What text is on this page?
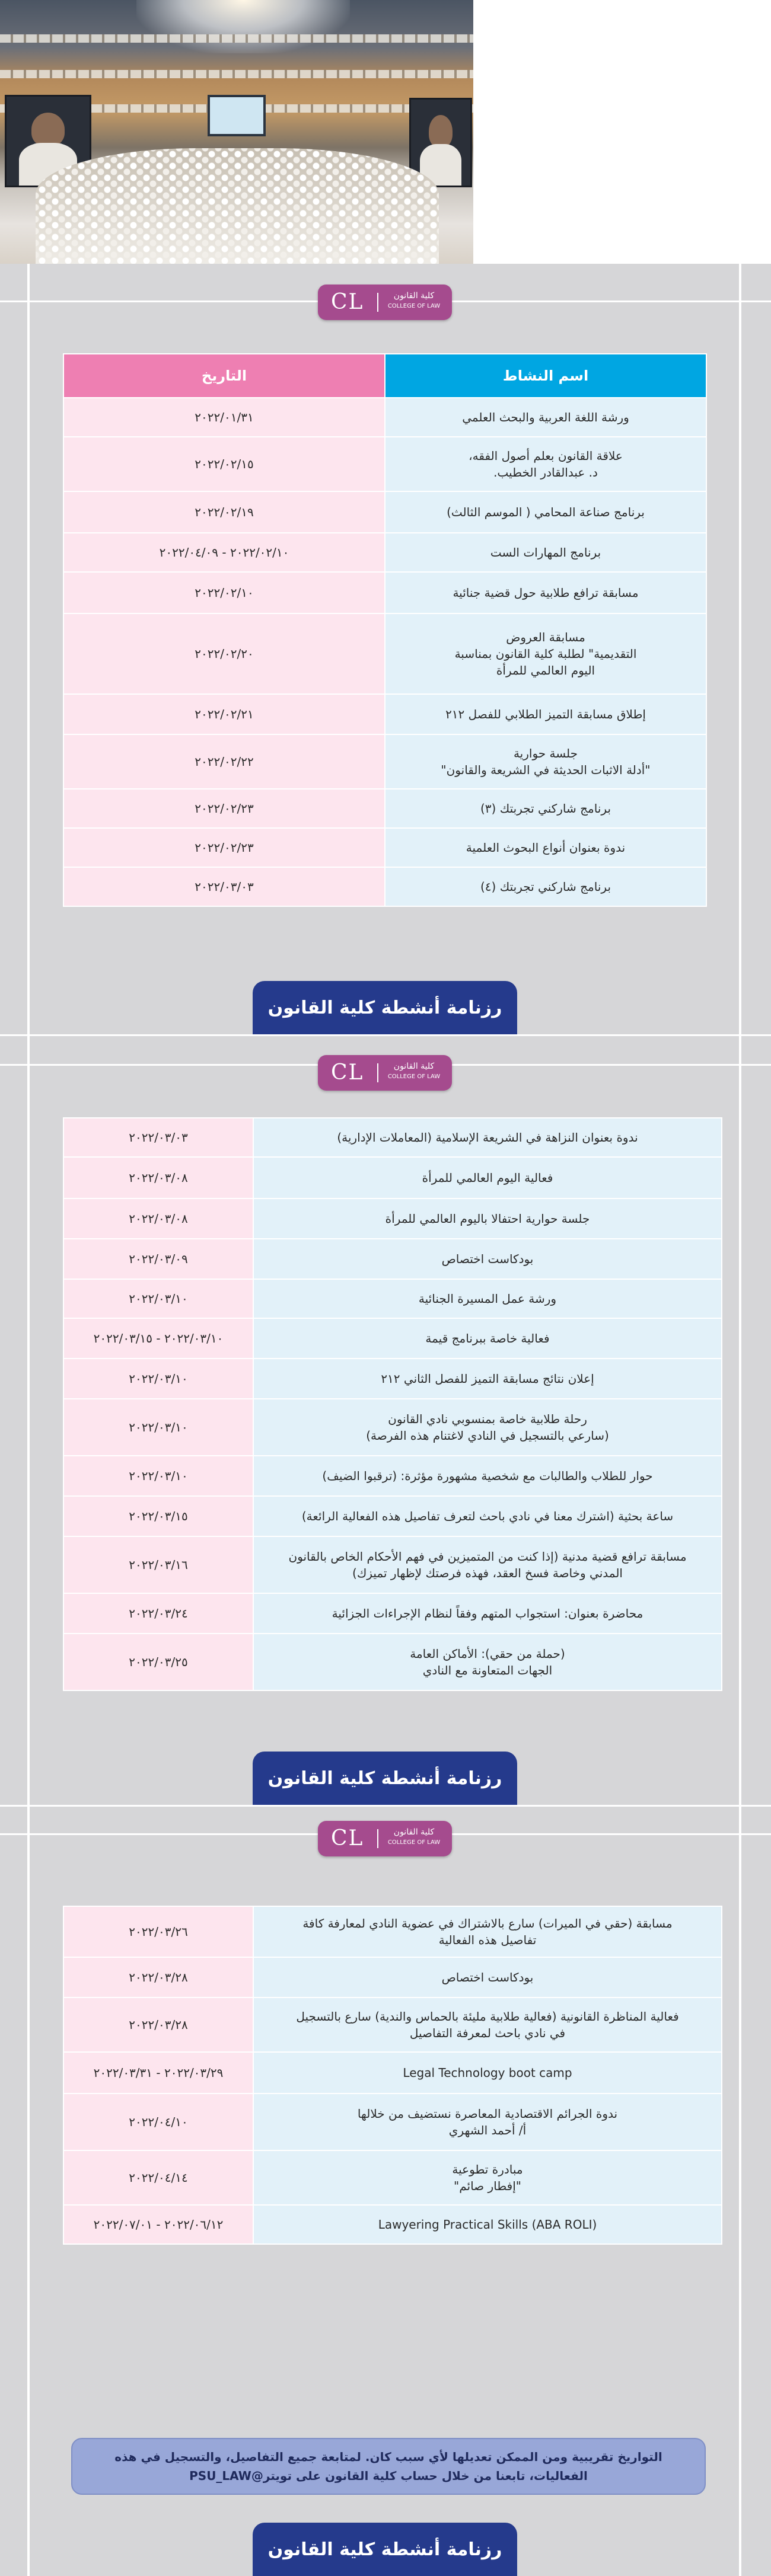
CL	كلية القانون
COLLEGE OF LAW
اسم النشاط	التاريخ
ورشة اللغة العربية والبحث العلمي	٢٠٢٢/٠١/٣١
علاقة القانون بعلم أصول الفقه،
د. عبدالقادر الخطيب.	٢٠٢٢/٠٢/١٥
برنامج صناعة المحامي ( الموسم الثالث)	٢٠٢٢/٠٢/١٩
برنامج المهارات الست	٢٠٢٢/٠٢/١٠ - ٢٠٢٢/٠٤/٠٩
مسابقة ترافع طلابية حول قضية جنائية	٢٠٢٢/٠٢/١٠
مسابقة العروض
التقديمية" لطلبة كلية القانون بمناسبة
اليوم العالمي للمرأة	٢٠٢٢/٠٢/٢٠
إطلاق مسابقة التميز الطلابي للفصل ٢١٢	٢٠٢٢/٠٢/٢١
جلسة حوارية
"أدلة الاثبات الحديثة في الشريعة والقانون"	٢٠٢٢/٠٢/٢٢
برنامج شاركني تجربتك (٣)	٢٠٢٢/٠٢/٢٣
ندوة بعنوان أنواع البحوث العلمية	٢٠٢٢/٠٢/٢٣
برنامج شاركني تجربتك (٤)	٢٠٢٢/٠٣/٠٣
رزنامة أنشطة كلية القانون
CL	كلية القانون
COLLEGE OF LAW
ندوة بعنوان النزاهة في الشريعة الإسلامية (المعاملات الإدارية)	٢٠٢٢/٠٣/٠٣
فعالية اليوم العالمي للمرأة	٢٠٢٢/٠٣/٠٨
جلسة حوارية احتفالا باليوم العالمي للمرأة	٢٠٢٢/٠٣/٠٨
بودكاست اختصاص	٢٠٢٢/٠٣/٠٩
ورشة عمل المسيرة الجنائية	٢٠٢٢/٠٣/١٠
فعالية خاصة ببرنامج قيمة	٢٠٢٢/٠٣/١٠ - ٢٠٢٢/٠٣/١٥
إعلان نتائج مسابقة التميز للفصل الثاني ٢١٢	٢٠٢٢/٠٣/١٠
رحلة طلابية خاصة بمنسوبي نادي القانون
(سارعي بالتسجيل في النادي لاغتنام هذه الفرصة)	٢٠٢٢/٠٣/١٠
حوار للطلاب والطالبات مع شخصية مشهورة مؤثرة: (ترقبوا الضيف)	٢٠٢٢/٠٣/١٠
ساعة بحثية (اشترك معنا في نادي باحث لتعرف تفاصيل هذه الفعالية الرائعة)	٢٠٢٢/٠٣/١٥
مسابقة ترافع قضية مدنية (إذا كنت من المتميزين في فهم الأحكام الخاص بالقانون
المدني وخاصة فسخ العقد، فهذه فرصتك لإظهار تميزك)	٢٠٢٢/٠٣/١٦
محاضرة بعنوان: استجواب المتهم وفقاً لنظام الإجراءات الجزائية	٢٠٢٢/٠٣/٢٤
(حملة من حقي): الأماكن العامة
الجهات المتعاونة مع النادي	٢٠٢٢/٠٣/٢٥
رزنامة أنشطة كلية القانون
CL	كلية القانون
COLLEGE OF LAW
مسابقة (حقي في الميرات) سارع بالاشتراك في عضوية النادي لمعارفة كافة
تفاصيل هذه الفعالية	٢٠٢٢/٠٣/٢٦
بودكاست اختصاص	٢٠٢٢/٠٣/٢٨
فعالية المناظرة القانونية (فعالية طلابية مليئة بالحماس والندية) سارع بالتسجيل
في نادي باحث لمعرفة التفاصيل	٢٠٢٢/٠٣/٢٨
Legal Technology boot camp	٢٠٢٢/٠٣/٢٩ - ٢٠٢٢/٠٣/٣١
ندوة الجرائم الاقتصادية المعاصرة نستضيف من خلالها
أ/ أحمد الشهري	٢٠٢٢/٠٤/١٠
مبادرة تطوعية
"إفطار صائم"	٢٠٢٢/٠٤/١٤
Lawyering Practical Skills (ABA ROLI)	٢٠٢٢/٠٦/١٢ - ٢٠٢٢/٠٧/٠١
التواريخ تقريبية ومن الممكن تعديلها لأي سبب كان. لمتابعة جميع التفاصيل، والتسجيل في هذه الفعاليات، تابعنا من خلال حساب كلية القانون على تويتر@PSU_LAW
رزنامة أنشطة كلية القانون
